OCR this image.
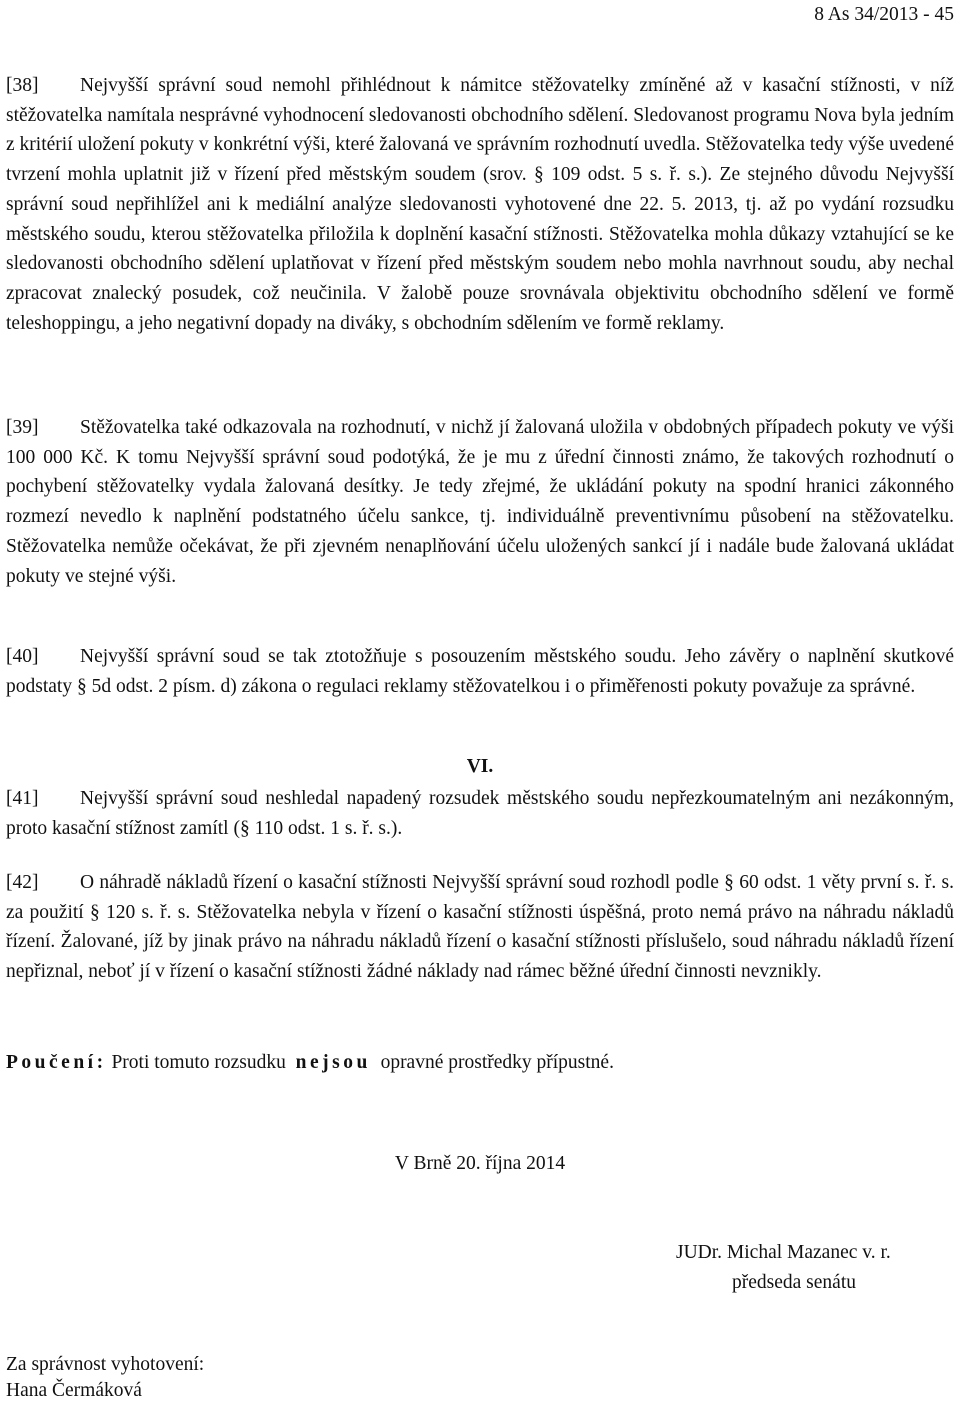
8 As 34/2013 - 45

[38] Nejvyšší správní soud nemohl přihlédnout k námitce stěžovatelky zmíněné až v kasační stížnosti, v níž stěžovatelka namítala nesprávné vyhodnocení sledovanosti obchodního sdělení. Sledovanost programu Nova byla jedním z kritérií uložení pokuty v konkrétní výši, které žalovaná ve správním rozhodnutí uvedla. Stěžovatelka tedy výše uvedené tvrzení mohla uplatnit již v řízení před městským soudem (srov. § 109 odst. 5 s. ř. s.). Ze stejného důvodu Nejvyšší správní soud nepřihlížel ani k mediální analýze sledovanosti vyhotovené dne 22. 5. 2013, tj. až po vydání rozsudku městského soudu, kterou stěžovatelka přiložila k doplnění kasační stížnosti. Stěžovatelka mohla důkazy vztahující se ke sledovanosti obchodního sdělení uplatňovat v řízení před městským soudem nebo mohla navrhnout soudu, aby nechal zpracovat znalecký posudek, což neučinila. V žalobě pouze srovnávala objektivitu obchodního sdělení ve formě teleshoppingu, a jeho negativní dopady na diváky, s obchodním sdělením ve formě reklamy.

[39] Stěžovatelka také odkazovala na rozhodnutí, v nichž jí žalovaná uložila v obdobných případech pokuty ve výši 100 000 Kč. K tomu Nejvyšší správní soud podotýká, že je mu z úřední činnosti známo, že takových rozhodnutí o pochybení stěžovatelky vydala žalovaná desítky. Je tedy zřejmé, že ukládání pokuty na spodní hranici zákonného rozmezí nevedlo k naplnění podstatného účelu sankce, tj. individuálně preventivnímu působení na stěžovatelku. Stěžovatelka nemůže očekávat, že při zjevném nenaplňování účelu uložených sankcí jí i nadále bude žalovaná ukládat pokuty ve stejné výši.

[40] Nejvyšší správní soud se tak ztotožňuje s posouzením městského soudu. Jeho závěry o naplnění skutkové podstaty § 5d odst. 2 písm. d) zákona o regulaci reklamy stěžovatelkou i o přiměřenosti pokuty považuje za správné.

VI.

[41] Nejvyšší správní soud neshledal napadený rozsudek městského soudu nepřezkoumatelným ani nezákonným, proto kasační stížnost zamítl (§ 110 odst. 1 s. ř. s.).

[42] O náhradě nákladů řízení o kasační stížnosti Nejvyšší správní soud rozhodl podle § 60 odst. 1 věty první s. ř. s. za použití § 120 s. ř. s. Stěžovatelka nebyla v řízení o kasační stížnosti úspěšná, proto nemá právo na náhradu nákladů řízení. Žalované, jíž by jinak právo na náhradu nákladů řízení o kasační stížnosti příslušelo, soud náhradu nákladů řízení nepřiznal, neboť jí v řízení o kasační stížnosti žádné náklady nad rámec běžné úřední činnosti nevznikly.

Poučení: Proti tomuto rozsudku nejsou opravné prostředky přípustné.
V Brně 20. října 2014
JUDr. Michal Mazanec v. r.
předseda senátu
Za správnost vyhotovení:
Hana Čermáková
